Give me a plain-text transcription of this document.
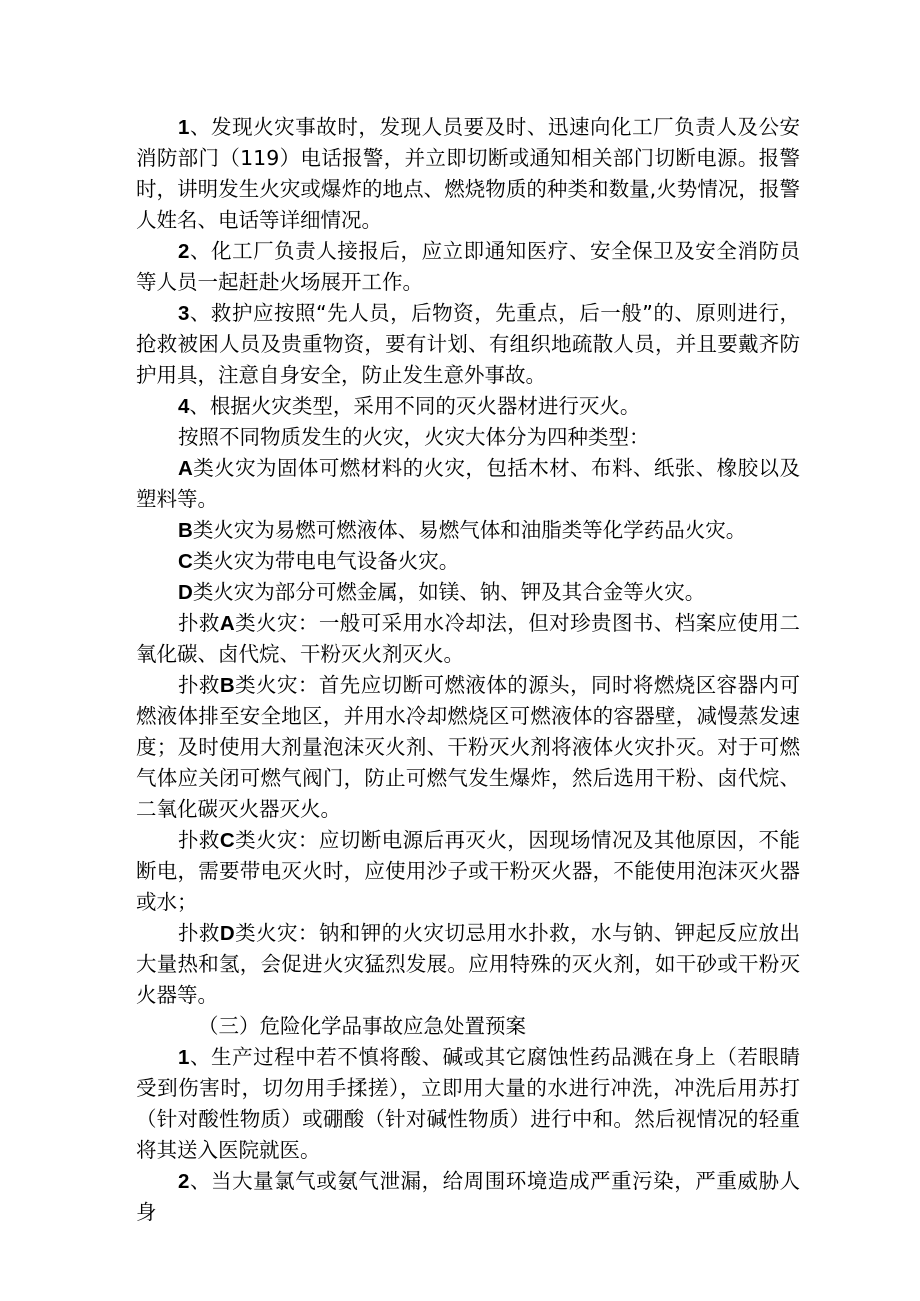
1、发现火灾事故时，发现人员要及时、迅速向化工厂负责人及公安消防部门（119）电话报警，并立即切断或通知相关部门切断电源。报警时，讲明发生火灾或爆炸的地点、燃烧物质的种类和数量,火势情况，报警人姓名、电话等详细情况。

2、化工厂负责人接报后，应立即通知医疗、安全保卫及安全消防员等人员一起赶赴火场展开工作。

3、救护应按照“先人员，后物资，先重点，后一般”的、原则进行，抢救被困人员及贵重物资，要有计划、有组织地疏散人员，并且要戴齐防护用具，注意自身安全，防止发生意外事故。

4、根据火灾类型，采用不同的灭火器材进行灭火。

按照不同物质发生的火灾，火灾大体分为四种类型：

A类火灾为固体可燃材料的火灾，包括木材、布料、纸张、橡胶以及塑料等。

B类火灾为易燃可燃液体、易燃气体和油脂类等化学药品火灾。

C类火灾为带电电气设备火灾。

D类火灾为部分可燃金属，如镁、钠、钾及其合金等火灾。

扑救A类火灾：一般可采用水冷却法，但对珍贵图书、档案应使用二氧化碳、卤代烷、干粉灭火剂灭火。

扑救B类火灾：首先应切断可燃液体的源头，同时将燃烧区容器内可燃液体排至安全地区，并用水冷却燃烧区可燃液体的容器壁，减慢蒸发速度；及时使用大剂量泡沫灭火剂、干粉灭火剂将液体火灾扑灭。对于可燃气体应关闭可燃气阀门，防止可燃气发生爆炸，然后选用干粉、卤代烷、二氧化碳灭火器灭火。

扑救C类火灾：应切断电源后再灭火，因现场情况及其他原因，不能断电，需要带电灭火时，应使用沙子或干粉灭火器，不能使用泡沫灭火器或水；

扑救D类火灾：钠和钾的火灾切忌用水扑救，水与钠、钾起反应放出大量热和氢，会促进火灾猛烈发展。应用特殊的灭火剂，如干砂或干粉灭火器等。

（三）危险化学品事故应急处置预案

1、生产过程中若不慎将酸、碱或其它腐蚀性药品溅在身上（若眼睛受到伤害时，切勿用手揉搓），立即用大量的水进行冲洗，冲洗后用苏打（针对酸性物质）或硼酸（针对碱性物质）进行中和。然后视情况的轻重将其送入医院就医。

2、当大量氯气或氨气泄漏，给周围环境造成严重污染，严重威胁人身
